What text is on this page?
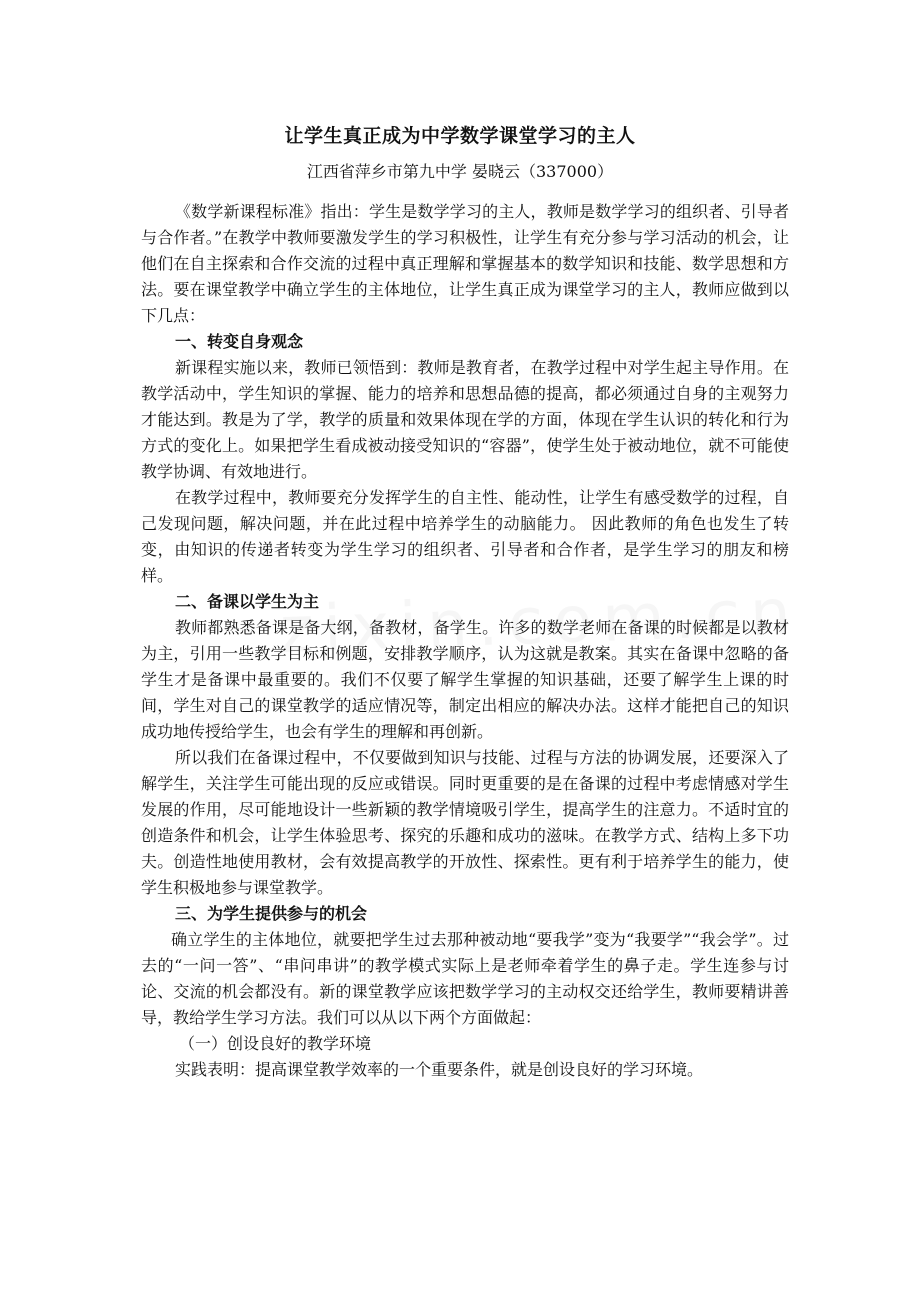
让学生真正成为中学数学课堂学习的主人
江西省萍乡市第九中学 晏晓云（337000）

《数学新课程标准》指出：学生是数学学习的主人，教师是数学学习的组织者、引导者与合作者。”在教学中教师要激发学生的学习积极性，让学生有充分参与学习活动的机会，让他们在自主探索和合作交流的过程中真正理解和掌握基本的数学知识和技能、数学思想和方法。要在课堂教学中确立学生的主体地位，让学生真正成为课堂学习的主人，教师应做到以下几点：

一、转变自身观念

新课程实施以来，教师已领悟到：教师是教育者，在教学过程中对学生起主导作用。在教学活动中，学生知识的掌握、能力的培养和思想品德的提高，都必须通过自身的主观努力才能达到。教是为了学，教学的质量和效果体现在学的方面，体现在学生认识的转化和行为方式的变化上。如果把学生看成被动接受知识的“容器”，使学生处于被动地位，就不可能使教学协调、有效地进行。

在教学过程中，教师要充分发挥学生的自主性、能动性，让学生有感受数学的过程，自己发现问题，解决问题，并在此过程中培养学生的动脑能力。 因此教师的角色也发生了转变，由知识的传递者转变为学生学习的组织者、引导者和合作者，是学生学习的朋友和榜样。

二、备课以学生为主

教师都熟悉备课是备大纲，备教材，备学生。许多的数学老师在备课的时候都是以教材为主，引用一些教学目标和例题，安排教学顺序，认为这就是教案。其实在备课中忽略的备学生才是备课中最重要的。我们不仅要了解学生掌握的知识基础，还要了解学生上课的时间，学生对自己的课堂教学的适应情况等，制定出相应的解决办法。这样才能把自己的知识成功地传授给学生，也会有学生的理解和再创新。

所以我们在备课过程中，不仅要做到知识与技能、过程与方法的协调发展，还要深入了解学生，关注学生可能出现的反应或错误。同时更重要的是在备课的过程中考虑情感对学生发展的作用，尽可能地设计一些新颖的教学情境吸引学生，提高学生的注意力。不适时宜的创造条件和机会，让学生体验思考、探究的乐趣和成功的滋味。在教学方式、结构上多下功夫。创造性地使用教材，会有效提高教学的开放性、探索性。更有利于培养学生的能力，使学生积极地参与课堂教学。

三、为学生提供参与的机会

确立学生的主体地位，就要把学生过去那种被动地“要我学”变为“我要学”“我会学”。过去的“一问一答”、“串问串讲”的教学模式实际上是老师牵着学生的鼻子走。学生连参与讨论、交流的机会都没有。新的课堂教学应该把数学学习的主动权交还给学生，教师要精讲善导，教给学生学习方法。我们可以从以下两个方面做起：

（一）创设良好的教学环境

实践表明：提高课堂教学效率的一个重要条件，就是创设良好的学习环境。
